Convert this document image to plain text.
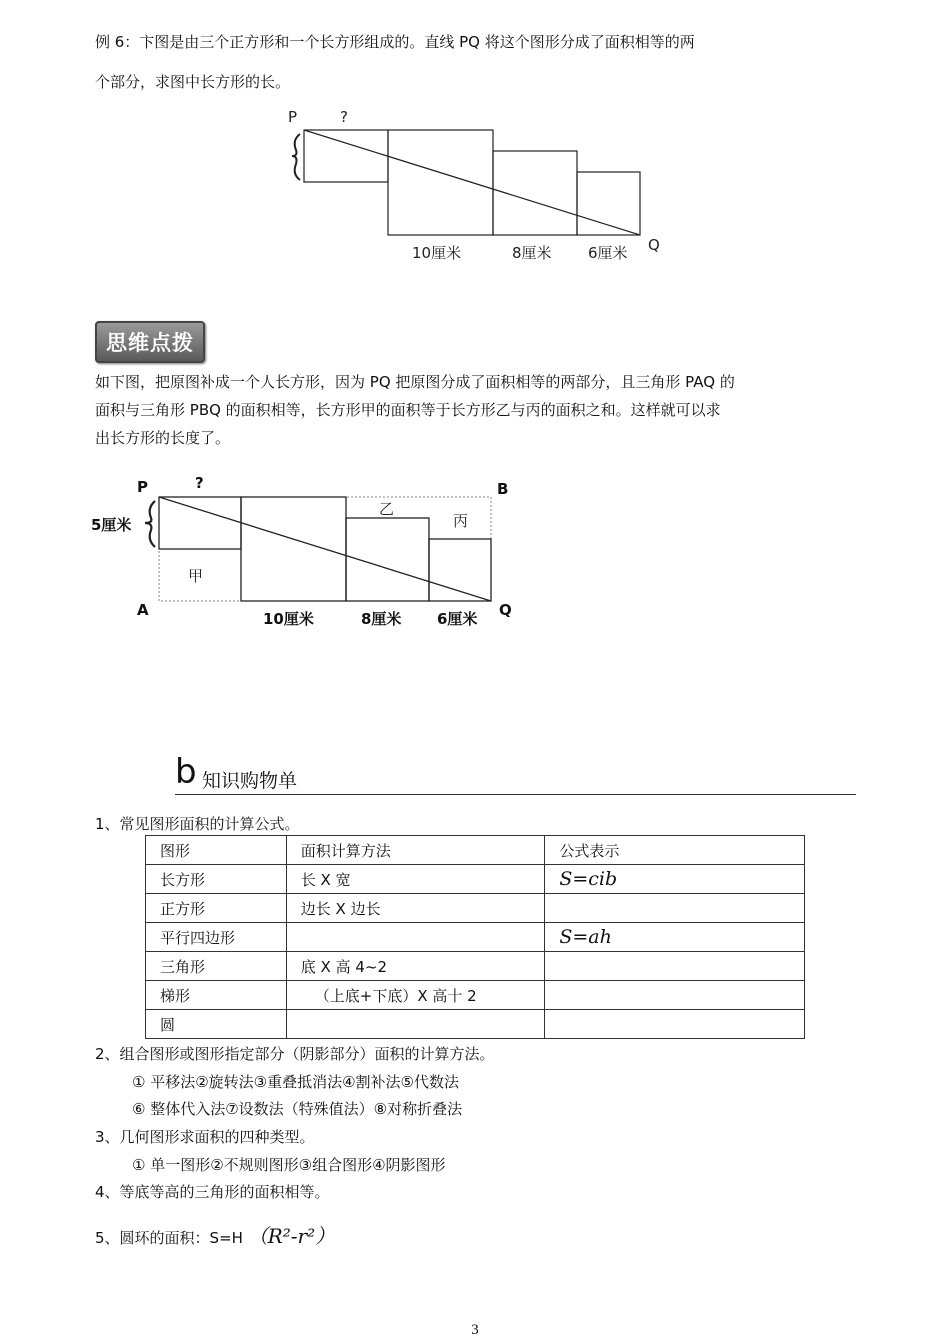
例 6：卞图是由三个正方形和一个长方形组成的。直线 PQ 将这个图形分成了面积相等的两
个部分，求图中长方形的长。
P	?
Q
10厘米	8厘米 6厘米
思维点拨
如下图，把原图补成一个人长方形，因为 PQ 把原图分成了面积相等的两部分，且三角形 PAQ 的
面积与三角形 PBQ 的面积相等，长方形甲的面积等于长方形乙与丙的面积之和。这样就可以求
出长方形的长度了。
P	?	B
A	Q
5厘米
甲
乙
丙
10厘米	8厘米 6厘米
b 知识购物单
1、常见图形面积的计算公式。
图形	面积计算方法	公式表示
长方形	长 X 宽	S=cib
正方形	边长 X 边长	
平行四边形		S=ah
三角形	底 X 高 4~2	
梯形	（上底+下底）X 高十 2	
圆		
2、组合图形或图形指定部分（阴影部分）面积的计算方法。
① 平移法②旋转法③重叠抵消法④割补法⑤代数法
⑥ 整体代入法⑦设数法（特殊值法）⑧对称折叠法
3、几何图形求面积的四种类型。
① 单一图形②不规则图形③组合图形④阴影图形
4、等底等高的三角形的面积相等。
5、圆环的面积：S=H （R²-r²）
3
